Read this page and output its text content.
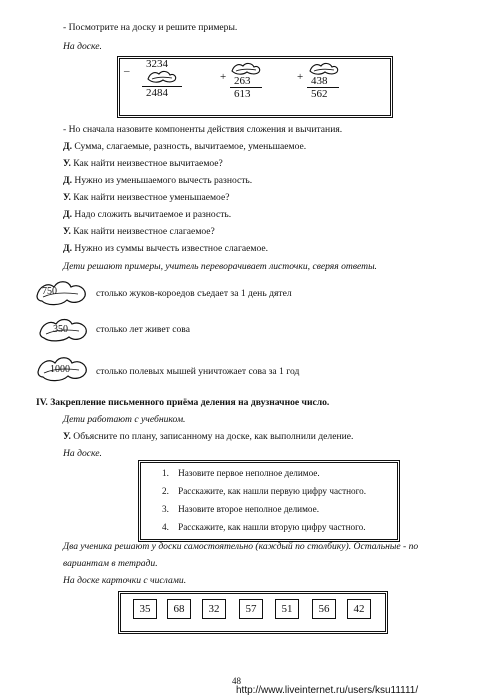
- Посмотрите на доску и решите примеры.
На доске.
–
3234
2484
+ 263
613
+ 438
562
- Но сначала назовите компоненты действия сложения и вычитания.
Д. Сумма, слагаемые, разность, вычитаемое, уменьшаемое.
У. Как найти неизвестное вычитаемое?
Д. Нужно из уменьшаемого вычесть разность.
У. Как найти неизвестное уменьшаемое?
Д. Надо сложить вычитаемое и разность.
У. Как найти неизвестное слагаемое?
Д. Нужно из суммы вычесть известное слагаемое.
Дети решают примеры, учитель переворачивает листочки, сверяя ответы.
750	столько жуков-короедов съедает за 1 день дятел
350	столько лет живет сова
1000	столько полевых мышей уничтожает сова за 1 год
IV. Закрепление письменного приёма деления на двузначное число.
Дети работают с учебником.
У. Объясните по плану, записанному на доске, как выполнили деление.
На доске.
1. Назовите первое неполное делимое.
2. Расскажите, как нашли первую цифру частного.
3. Назовите второе неполное делимое.
4. Расскажите, как нашли вторую цифру частного.
Два ученика решают у доски самостоятельно (каждый по столбику). Остальные - по
вариантам в тетради.
На доске карточки с числами.
35	68	32	57	51	56	42
48
http://www.liveinternet.ru/users/ksu11111/
